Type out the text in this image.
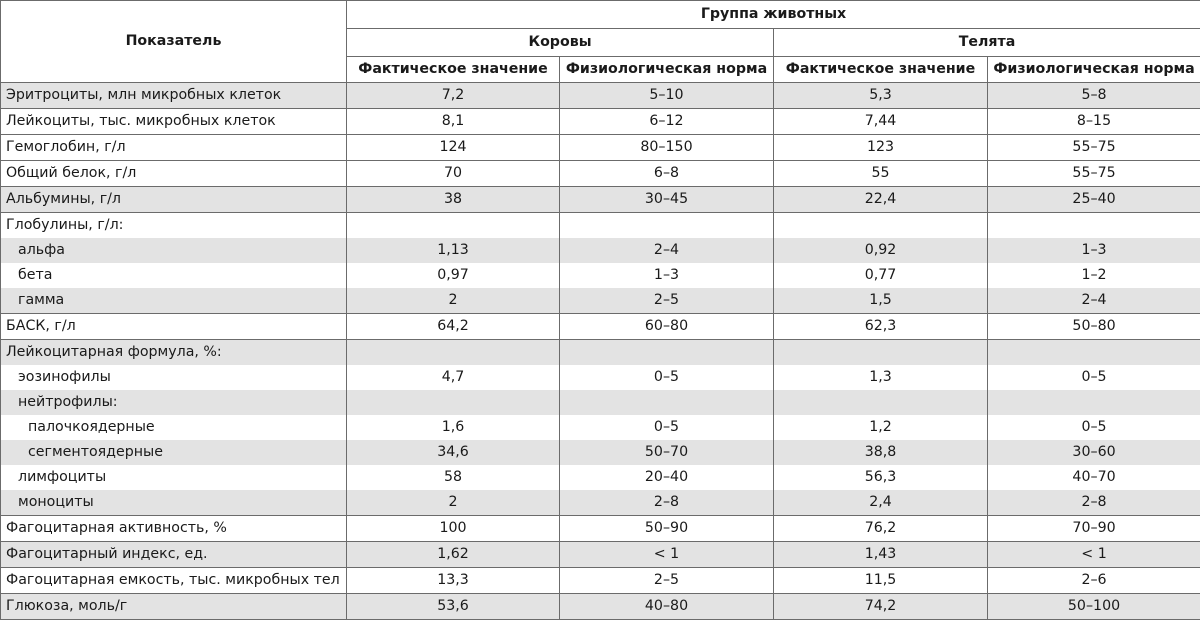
Показатель	Группа животных			
	Коровы		Телята	
	Фактическое значение	Физиологическая норма	Фактическое значение	Физиологическая норма
Эритроциты, млн микробных клеток	7,2	5–10	5,3	5–8
Лейкоциты, тыс. микробных клеток	8,1	6–12	7,44	8–15
Гемоглобин, г/л	124	80–150	123	55–75
Общий белок, г/л	70	6–8	55	55–75
Альбумины, г/л	38	30–45	22,4	25–40
Глобулины, г/л:				
альфа	1,13	2–4	0,92	1–3
бета	0,97	1–3	0,77	1–2
гамма	2	2–5	1,5	2–4
БАСК, г/л	64,2	60–80	62,3	50–80
Лейкоцитарная формула, %:				
эозинофилы	4,7	0–5	1,3	0–5
нейтрофилы:				
палочкоядерные	1,6	0–5	1,2	0–5
сегментоядерные	34,6	50–70	38,8	30–60
лимфоциты	58	20–40	56,3	40–70
моноциты	2	2–8	2,4	2–8
Фагоцитарная активность, %	100	50–90	76,2	70–90
Фагоцитарный индекс, ед.	1,62	< 1	1,43	< 1
Фагоцитарная емкость, тыс. микробных тел	13,3	2–5	11,5	2–6
Глюкоза, моль/г	53,6	40–80	74,2	50–100
